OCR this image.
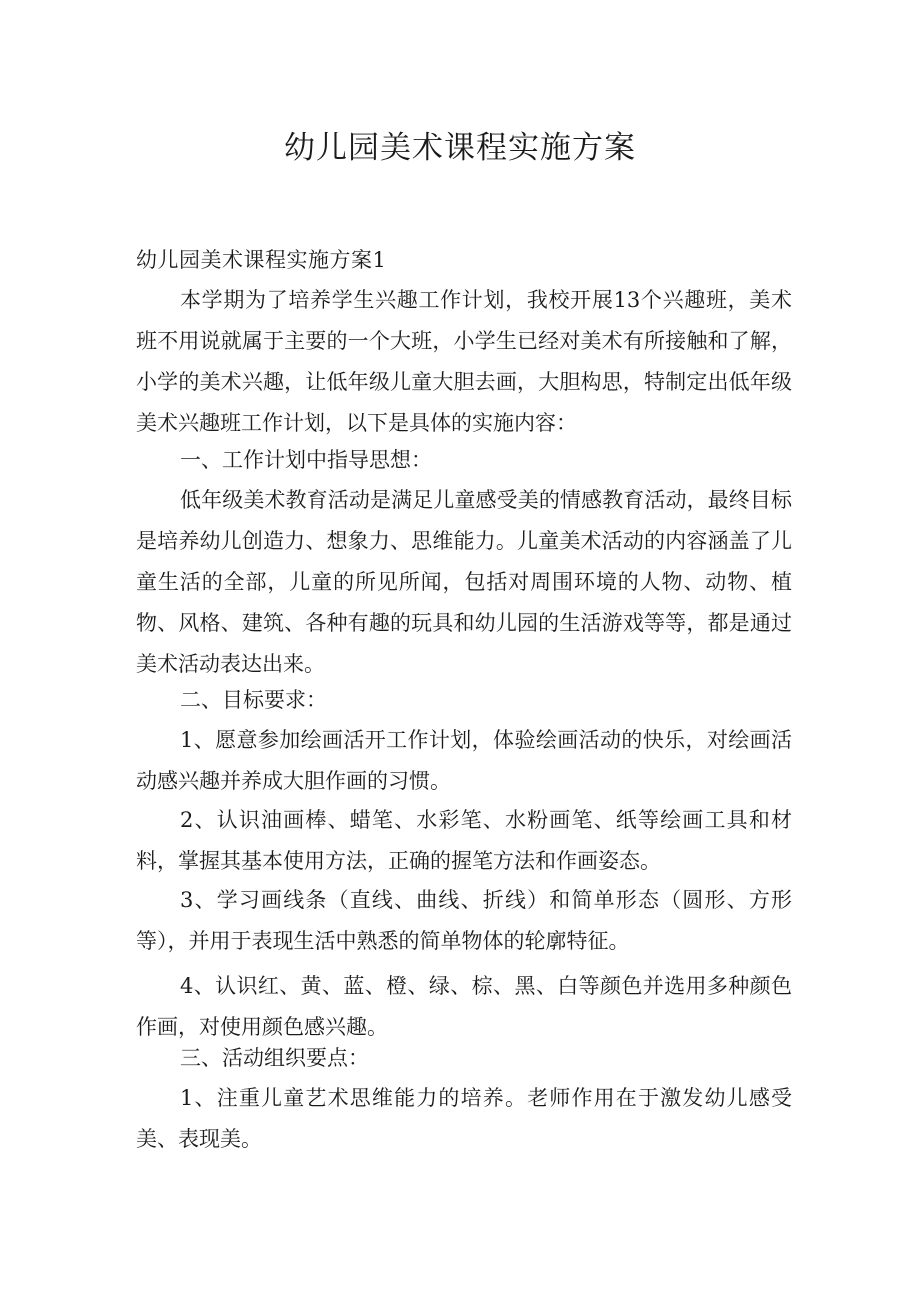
幼儿园美术课程实施方案
幼儿园美术课程实施方案1
本学期为了培养学生兴趣工作计划，我校开展13个兴趣班，美术班不用说就属于主要的一个大班，小学生已经对美术有所接触和了解，小学的美术兴趣，让低年级儿童大胆去画，大胆构思，特制定出低年级美术兴趣班工作计划，以下是具体的实施内容：
一、工作计划中指导思想：
低年级美术教育活动是满足儿童感受美的情感教育活动，最终目标是培养幼儿创造力、想象力、思维能力。儿童美术活动的内容涵盖了儿童生活的全部，儿童的所见所闻，包括对周围环境的人物、动物、植物、风格、建筑、各种有趣的玩具和幼儿园的生活游戏等等，都是通过美术活动表达出来。
二、目标要求：
1、愿意参加绘画活开工作计划，体验绘画活动的快乐，对绘画活动感兴趣并养成大胆作画的习惯。
2、认识油画棒、蜡笔、水彩笔、水粉画笔、纸等绘画工具和材料，掌握其基本使用方法，正确的握笔方法和作画姿态。
3、学习画线条（直线、曲线、折线）和简单形态（圆形、方形等），并用于表现生活中熟悉的简单物体的轮廓特征。
4、认识红、黄、蓝、橙、绿、棕、黑、白等颜色并选用多种颜色作画，对使用颜色感兴趣。
三、活动组织要点：
1、注重儿童艺术思维能力的培养。老师作用在于激发幼儿感受美、表现美。
